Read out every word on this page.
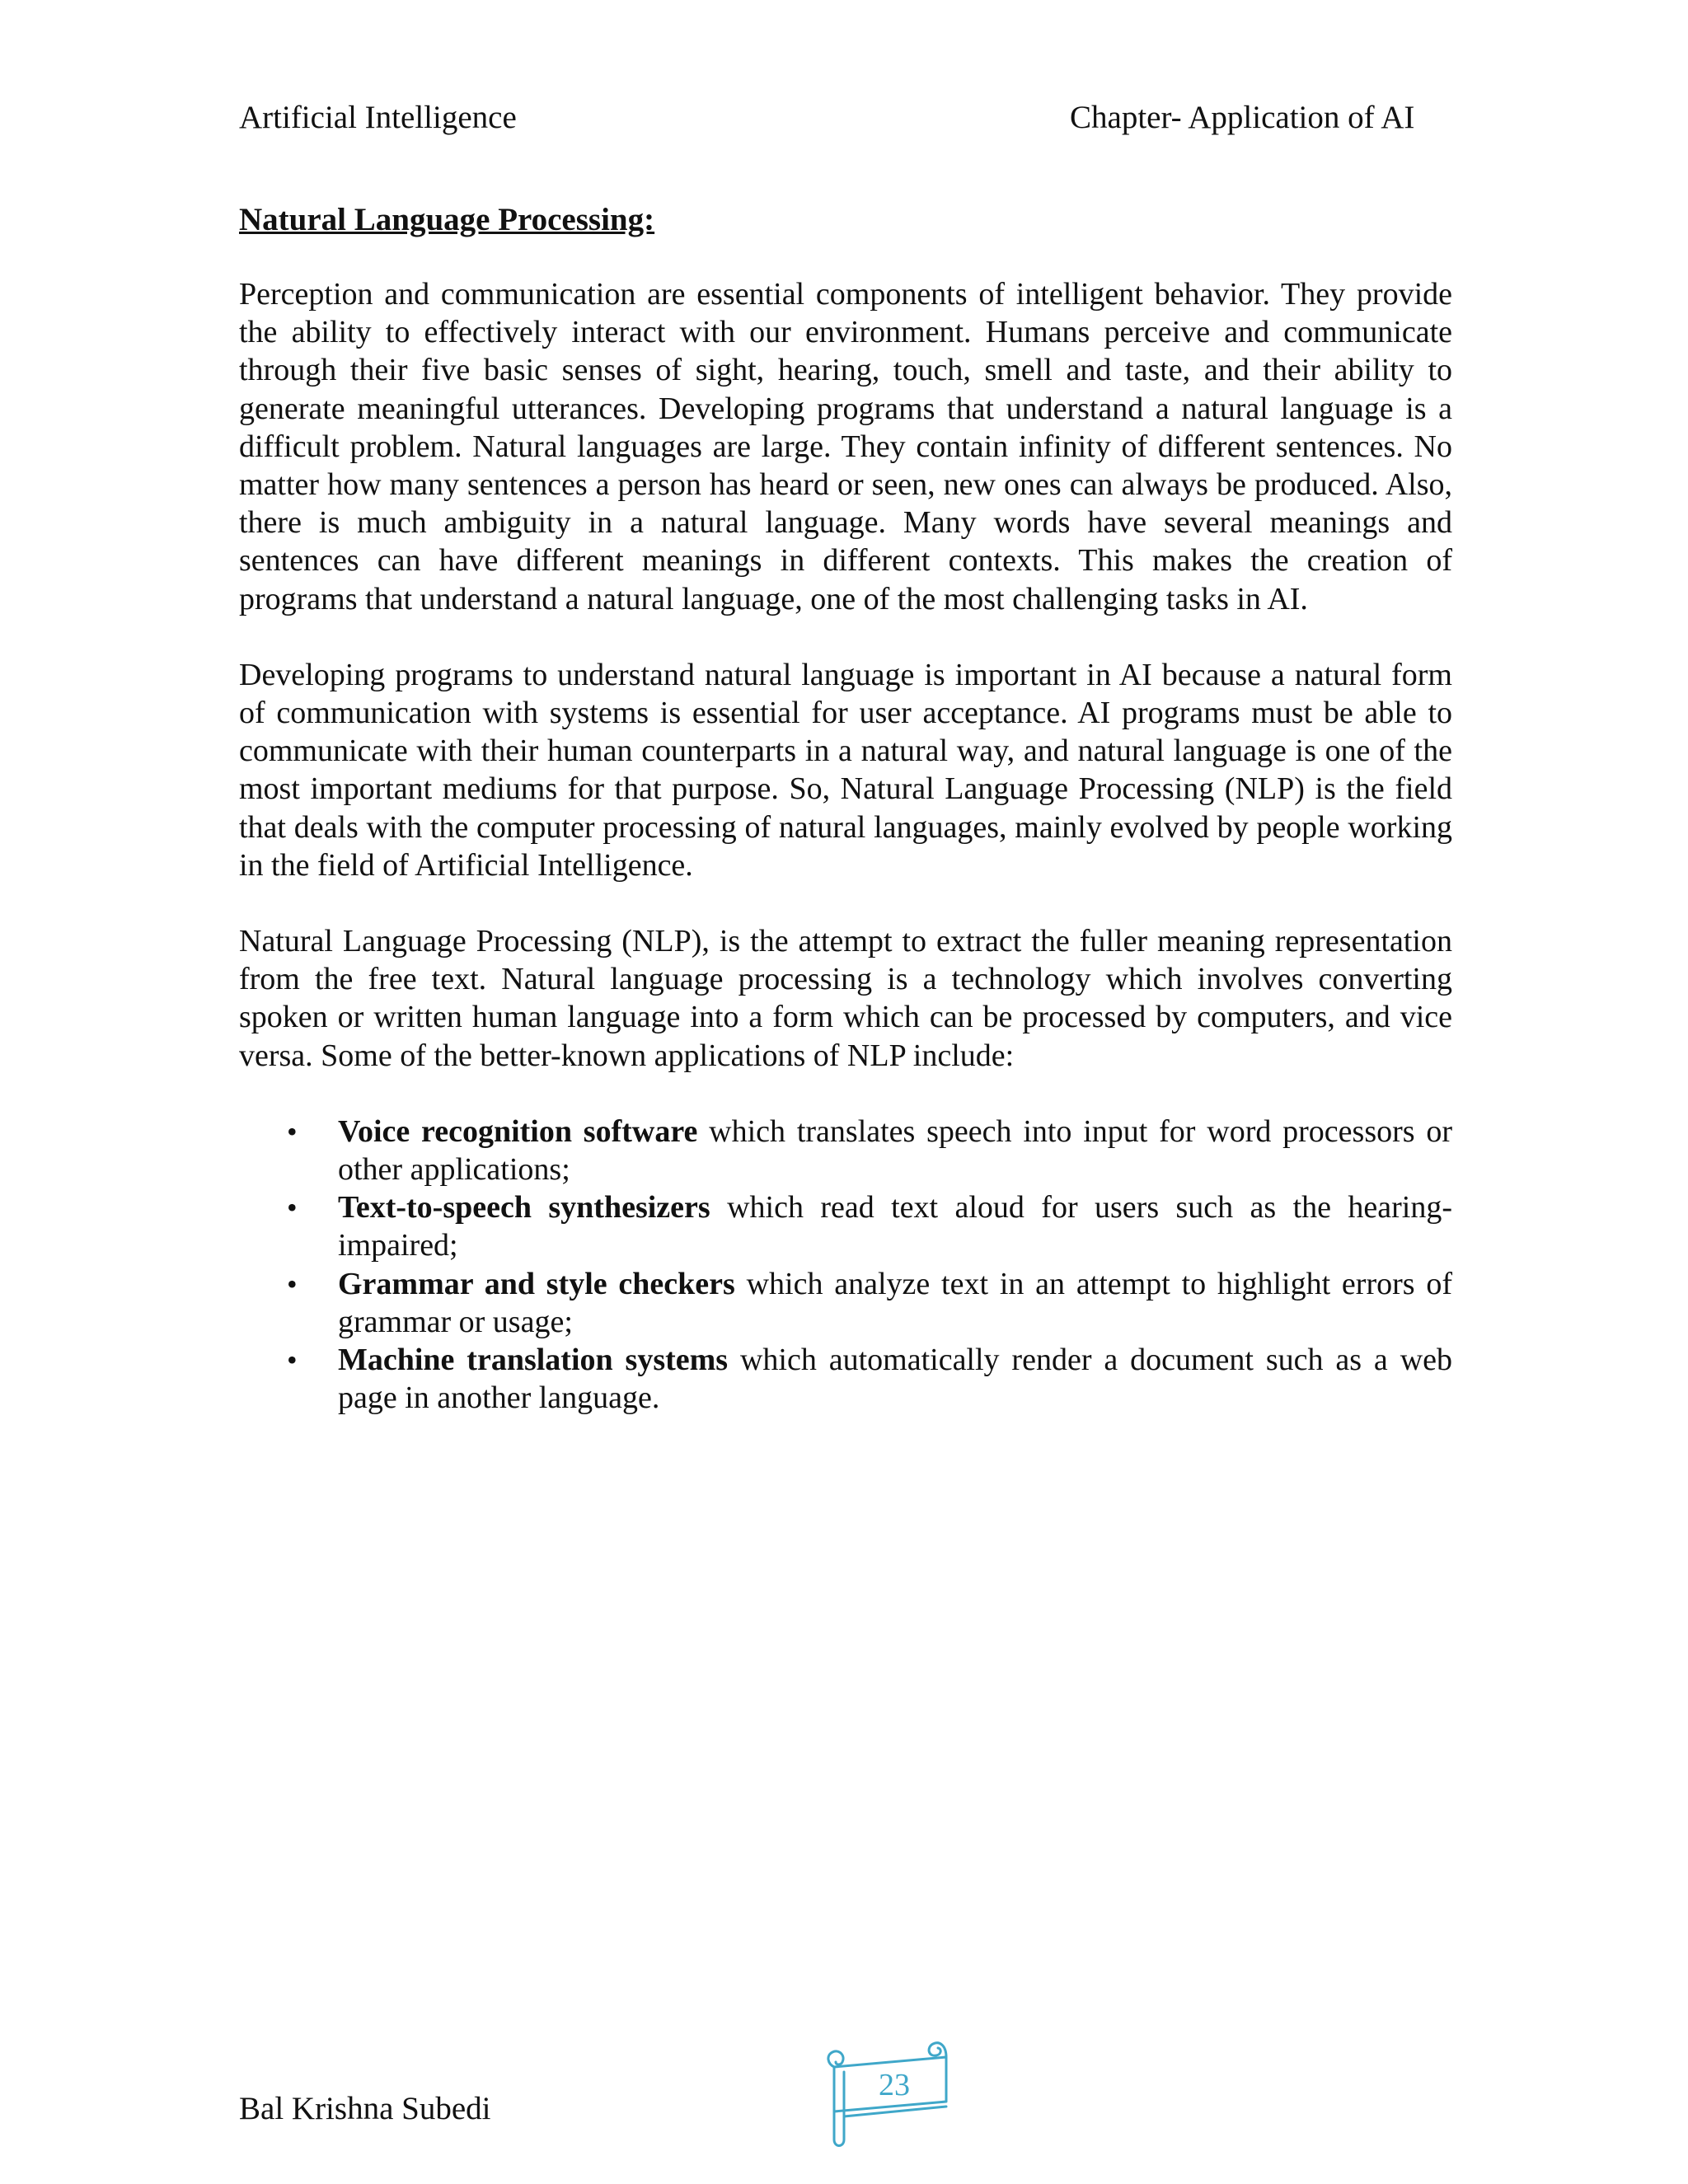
Artificial Intelligence	Chapter- Application of AI
Natural Language Processing:

Perception and communication are essential components of intelligent behavior. They provide the ability to effectively interact with our environment. Humans perceive and communicate through their five basic senses of sight, hearing, touch, smell and taste, and their ability to generate meaningful utterances. Developing programs that understand a natural language is a difficult problem. Natural languages are large. They contain infinity of different sentences. No matter how many sentences a person has heard or seen, new ones can always be produced. Also, there is much ambiguity in a natural language. Many words have several meanings and sentences can have different meanings in different contexts. This makes the creation of programs that understand a natural language, one of the most challenging tasks in AI.

Developing programs to understand natural language is important in AI because a natural form of communication with systems is essential for user acceptance. AI programs must be able to communicate with their human counterparts in a natural way, and natural language is one of the most important mediums for that purpose. So, Natural Language Processing (NLP) is the field that deals with the computer processing of natural languages, mainly evolved by people working in the field of Artificial Intelligence.

Natural Language Processing (NLP), is the attempt to extract the fuller meaning representation from the free text. Natural language processing is a technology which involves converting spoken or written human language into a form which can be processed by computers, and vice versa. Some of the better-known applications of NLP include:

• Voice recognition software which translates speech into input for word processors or other applications;
• Text-to-speech synthesizers which read text aloud for users such as the hearing-impaired;
• Grammar and style checkers which analyze text in an attempt to highlight errors of grammar or usage;
• Machine translation systems which automatically render a document such as a web page in another language.
Bal Krishna Subedi
23
